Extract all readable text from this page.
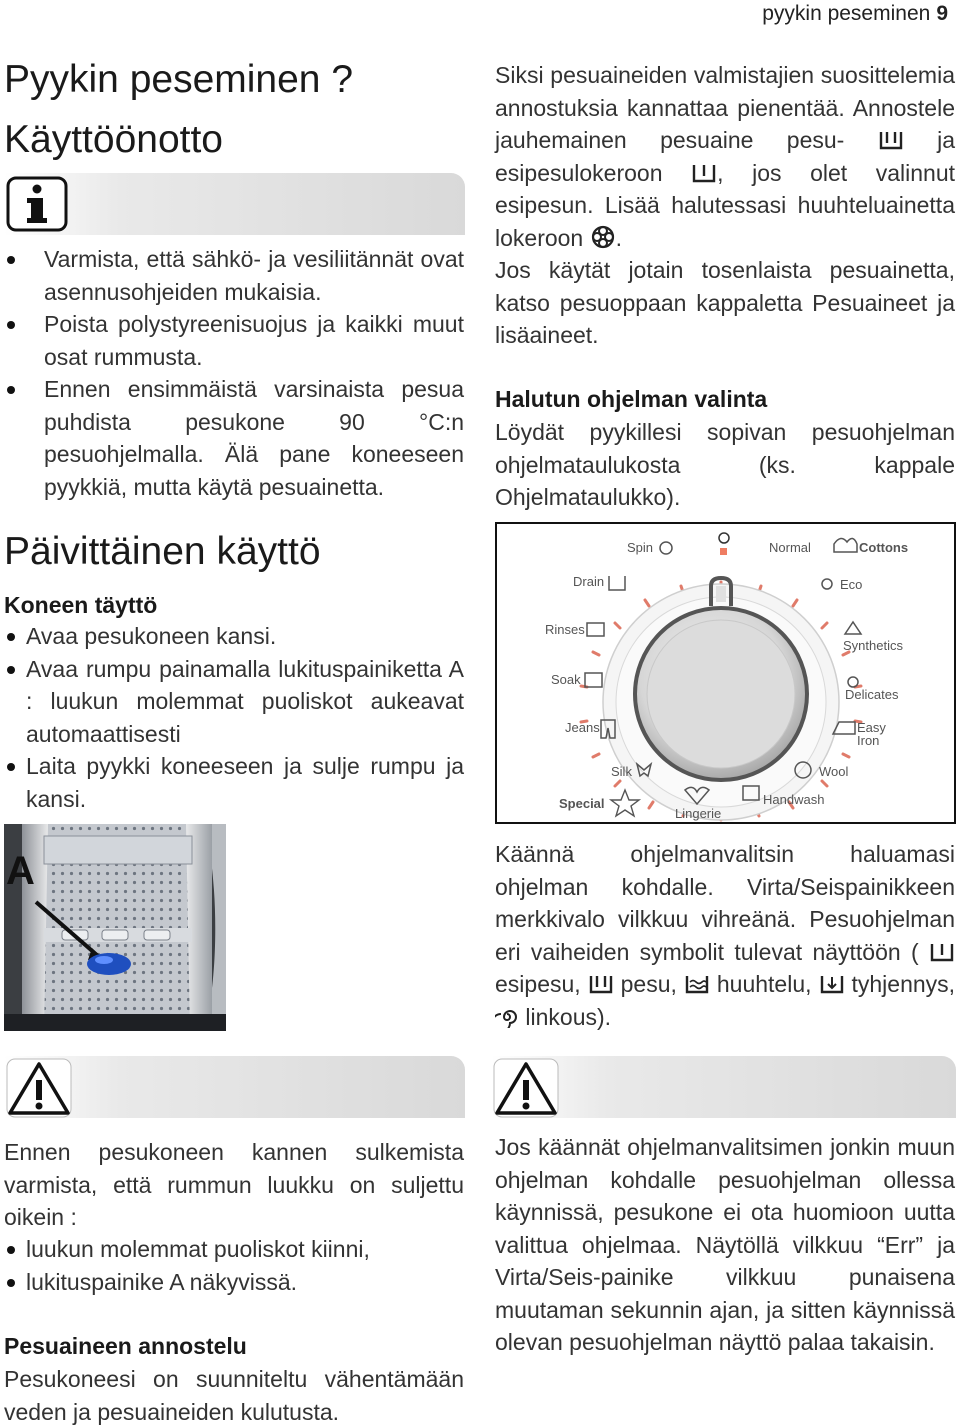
pyykin peseminen 9
Pyykin peseminen ?
Käyttöönotto
Varmista, että sähkö- ja vesiliitännät ovat asennusohjeiden mukaisia.
Poista polystyreenisuojus ja kaikki muut osat rummusta.
Ennen ensimmäistä varsinaista pesua puhdista pesukone 90 °C:n pesuohjelmalla. Älä pane koneeseen pyykkiä, mutta käytä pesuainetta.
Päivittäinen käyttö
Koneen täyttö
Avaa pesukoneen kansi.
Avaa rumpu painamalla lukituspainiketta A : luukun molemmat puoliskot aukeavat automaattisesti
Laita pyykki koneeseen ja sulje rumpu ja kansi.
A
Ennen pesukoneen kannen sulkemista varmista, että rummun luukku on suljettu oikein :
luukun molemmat puoliskot kiinni,
lukituspainike A näkyvissä.
Pesuaineen annostelu
Pesukoneesi on suunniteltu vähentämään veden ja pesuaineiden kulutusta.
Siksi pesuaineiden valmistajien suosittelemia annostuksia kannattaa pienentää. Annostele jauhemainen pesuaine pesu-	ja esipesulokeroon , jos olet valinnut esipesun. Lisää halutessasi huuhteluainetta lokeroon .
Jos käytät jotain tosenlaista pesuainetta, katso pesuoppaan kappaletta Pesuaineet ja lisäaineet.
Halutun ohjelman valinta
Löydät pyykillesi sopivan pesuohjelman ohjelmataulukosta (ks. kappale Ohjelmataulukko).
Spin	Normal	Cottons
Drain	Eco
Rinses
Synthetics
Soak
Delicates
Jeans	Easy
Iron
Silk	Wool
Special
Lingerie
Handwash
Käännä ohjelmanvalitsin haluamasi ohjelman kohdalle. Virta/Seispainikkeen merkkivalo vilkkuu vihreänä. Pesuohjelman eri vaiheiden symbolit tulevat näyttöön (  esipesu, pesu, huuhtelu, tyhjennys,  linkous).
Jos käännät ohjelmanvalitsimen jonkin muun ohjelman kohdalle pesuohjelman ollessa käynnissä, pesukone ei ota huomioon uutta valittua ohjelmaa. Näytöllä vilkkuu “Err” ja Virta/Seis-painike vilkkuu punaisena muutaman sekunnin ajan, ja sitten käynnissä olevan pesuohjelman näyttö palaa takaisin.
